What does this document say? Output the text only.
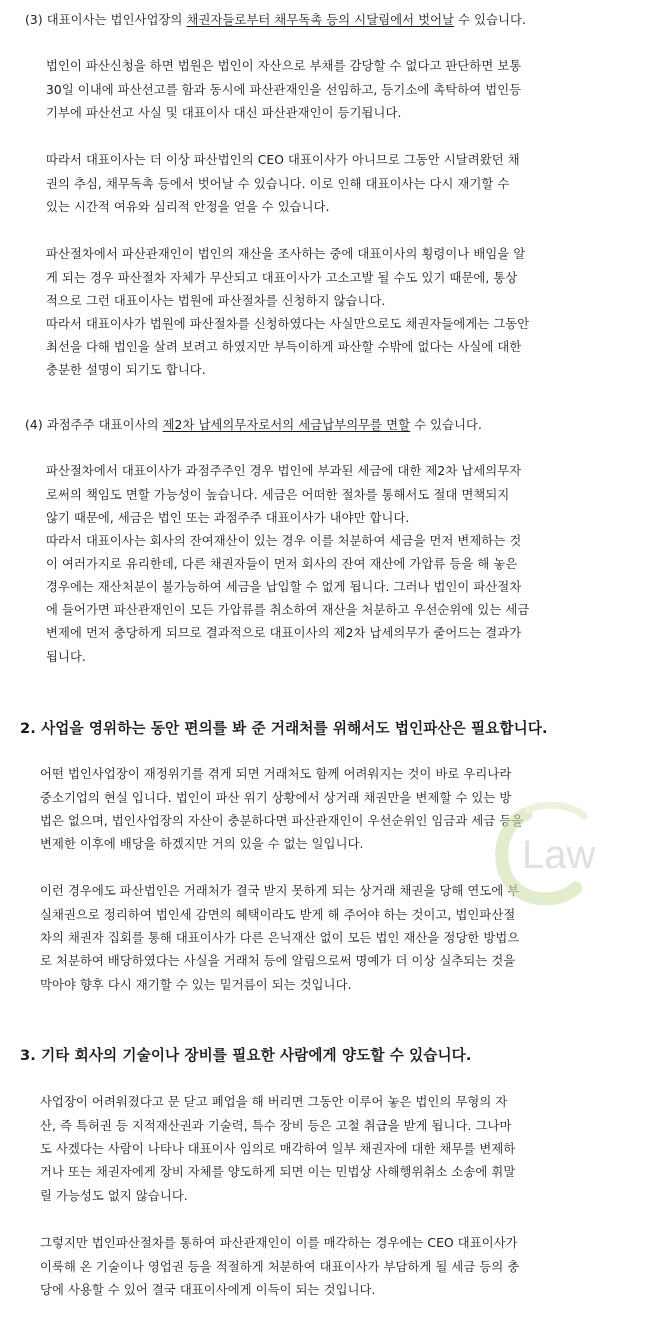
(3) 대표이사는 법인사업장의 채권자들로부터 채무독촉 등의 시달림에서 벗어날 수 있습니다.
법인이 파산신청을 하면 법원은 법인이 자산으로 부채를 감당할 수 없다고 판단하면 보통
30일 이내에 파산선고를 함과 동시에 파산관재인을 선임하고, 등기소에 촉탁하여 법인등
기부에 파산선고 사실 및 대표이사 대신 파산관재인이 등기됩니다.
따라서 대표이사는 더 이상 파산법인의 CEO 대표이사가 아니므로 그동안 시달려왔던 채
권의 추심, 채무독촉 등에서 벗어날 수 있습니다. 이로 인해 대표이사는 다시 재기할 수
있는 시간적 여유와 심리적 안정을 얻을 수 있습니다.
파산절차에서 파산관재인이 법인의 재산을 조사하는 중에 대표이사의 횡령이나 배임을 알
게 되는 경우 파산절차 자체가 무산되고 대표이사가 고소고발 될 수도 있기 때문에, 통상
적으로 그런 대표이사는 법원에 파산절차를 신청하지 않습니다.
따라서 대표이사가 법원에 파산절차를 신청하였다는 사실만으로도 채권자들에게는 그동안
최선을 다해 법인을 살려 보려고 하였지만 부득이하게 파산할 수밖에 없다는 사실에 대한
충분한 설명이 되기도 합니다.
(4) 과점주주 대표이사의 제2차 납세의무자로서의 세금납부의무를 면할 수 있습니다.
파산절차에서 대표이사가 과점주주인 경우 법인에 부과된 세금에 대한 제2차 납세의무자
로써의 책임도 면할 가능성이 높습니다. 세금은 어떠한 절차를 통해서도 절대 면책되지
않기 때문에, 세금은 법인 또는 과점주주 대표이사가 내야만 합니다.
따라서 대표이사는 회사의 잔여재산이 있는 경우 이를 처분하여 세금을 먼저 변제하는 것
이 여러가지로 유리한데, 다른 채권자들이 먼저 회사의 잔여 재산에 가압류 등을 해 놓은
경우에는 재산처분이 불가능하여 세금을 납입할 수 없게 됩니다. 그러나 법인이 파산절차
에 들어가면 파산관재인이 모든 가압류를 취소하여 재산을 처분하고 우선순위에 있는 세금
변제에 먼저 충당하게 되므로 결과적으로 대표이사의 제2차 납세의무가 줄어드는 결과가
됩니다.
2. 사업을 영위하는 동안 편의를 봐 준 거래처를 위해서도 법인파산은 필요합니다.
어떤 법인사업장이 재정위기를 겪게 되면 거래처도 함께 어려워지는 것이 바로 우리나라
중소기업의 현실 입니다. 법인이 파산 위기 상황에서 상거래 채권만을 변제할 수 있는 방
법은 없으며, 법인사업장의 자산이 충분하다면 파산관재인이 우선순위인 임금과 세금 등을
변제한 이후에 배당을 하겠지만 거의 있을 수 없는 일입니다.
이런 경우에도 파산법인은 거래처가 결국 받지 못하게 되는 상거래 채권을 당해 연도에 부
실채권으로 정리하여 법인세 감면의 혜택이라도 받게 해 주어야 하는 것이고, 법인파산절
차의 채권자 집회를 통해 대표이사가 다른 은닉재산 없이 모든 법인 재산을 정당한 방법으
로 처분하여 배당하였다는 사실을 거래처 등에 알림으로써 명예가 더 이상 실추되는 것을
막아야 향후 다시 재기할 수 있는 밑거름이 되는 것입니다.
3. 기타 회사의 기술이나 장비를 필요한 사람에게 양도할 수 있습니다.
사업장이 어려워졌다고 문 닫고 폐업을 해 버리면 그동안 이루어 놓은 법인의 무형의 자
산, 즉 특허권 등 지적재산권과 기술력, 특수 장비 등은 고철 취급을 받게 됩니다. 그나마
도 사겠다는 사람이 나타나 대표이사 임의로 매각하여 일부 채권자에 대한 채무를 변제하
거나 또는 채권자에게 장비 자체를 양도하게 되면 이는 민법상 사해행위취소 소송에 휘말
릴 가능성도 없지 않습니다.
그렇지만 법인파산절차를 통하여 파산관재인이 이를 매각하는 경우에는 CEO 대표이사가
이룩해 온 기술이나 영업권 등을 적절하게 처분하여 대표이사가 부담하게 될 세금 등의 충
당에 사용할 수 있어 결국 대표이사에게 이득이 되는 것입니다.
Law
